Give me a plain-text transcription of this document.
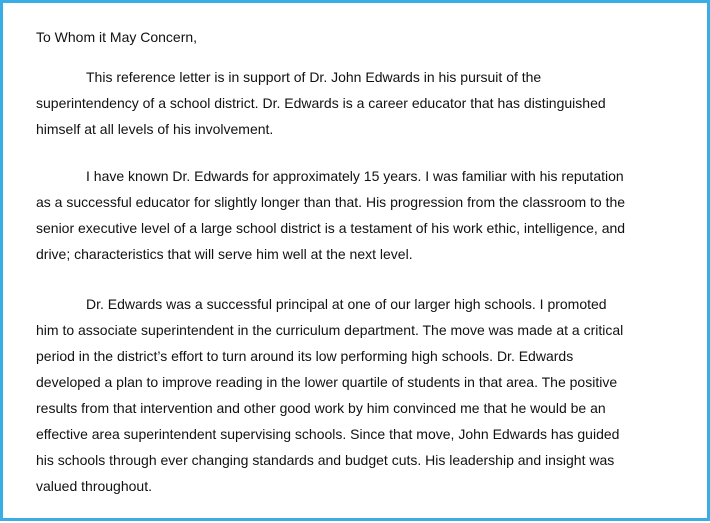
To Whom it May Concern,
This reference letter is in support of Dr. John Edwards in his pursuit of the
superintendency of a school district. Dr. Edwards is a career educator that has distinguished
himself at all levels of his involvement.
I have known Dr. Edwards for approximately 15 years. I was familiar with his reputation
as a successful educator for slightly longer than that. His progression from the classroom to the
senior executive level of a large school district is a testament of his work ethic, intelligence, and
drive; characteristics that will serve him well at the next level.
Dr. Edwards was a successful principal at one of our larger high schools. I promoted
him to associate superintendent in the curriculum department. The move was made at a critical
period in the district’s effort to turn around its low performing high schools. Dr. Edwards
developed a plan to improve reading in the lower quartile of students in that area. The positive
results from that intervention and other good work by him convinced me that he would be an
effective area superintendent supervising schools. Since that move, John Edwards has guided
his schools through ever changing standards and budget cuts. His leadership and insight was
valued throughout.
